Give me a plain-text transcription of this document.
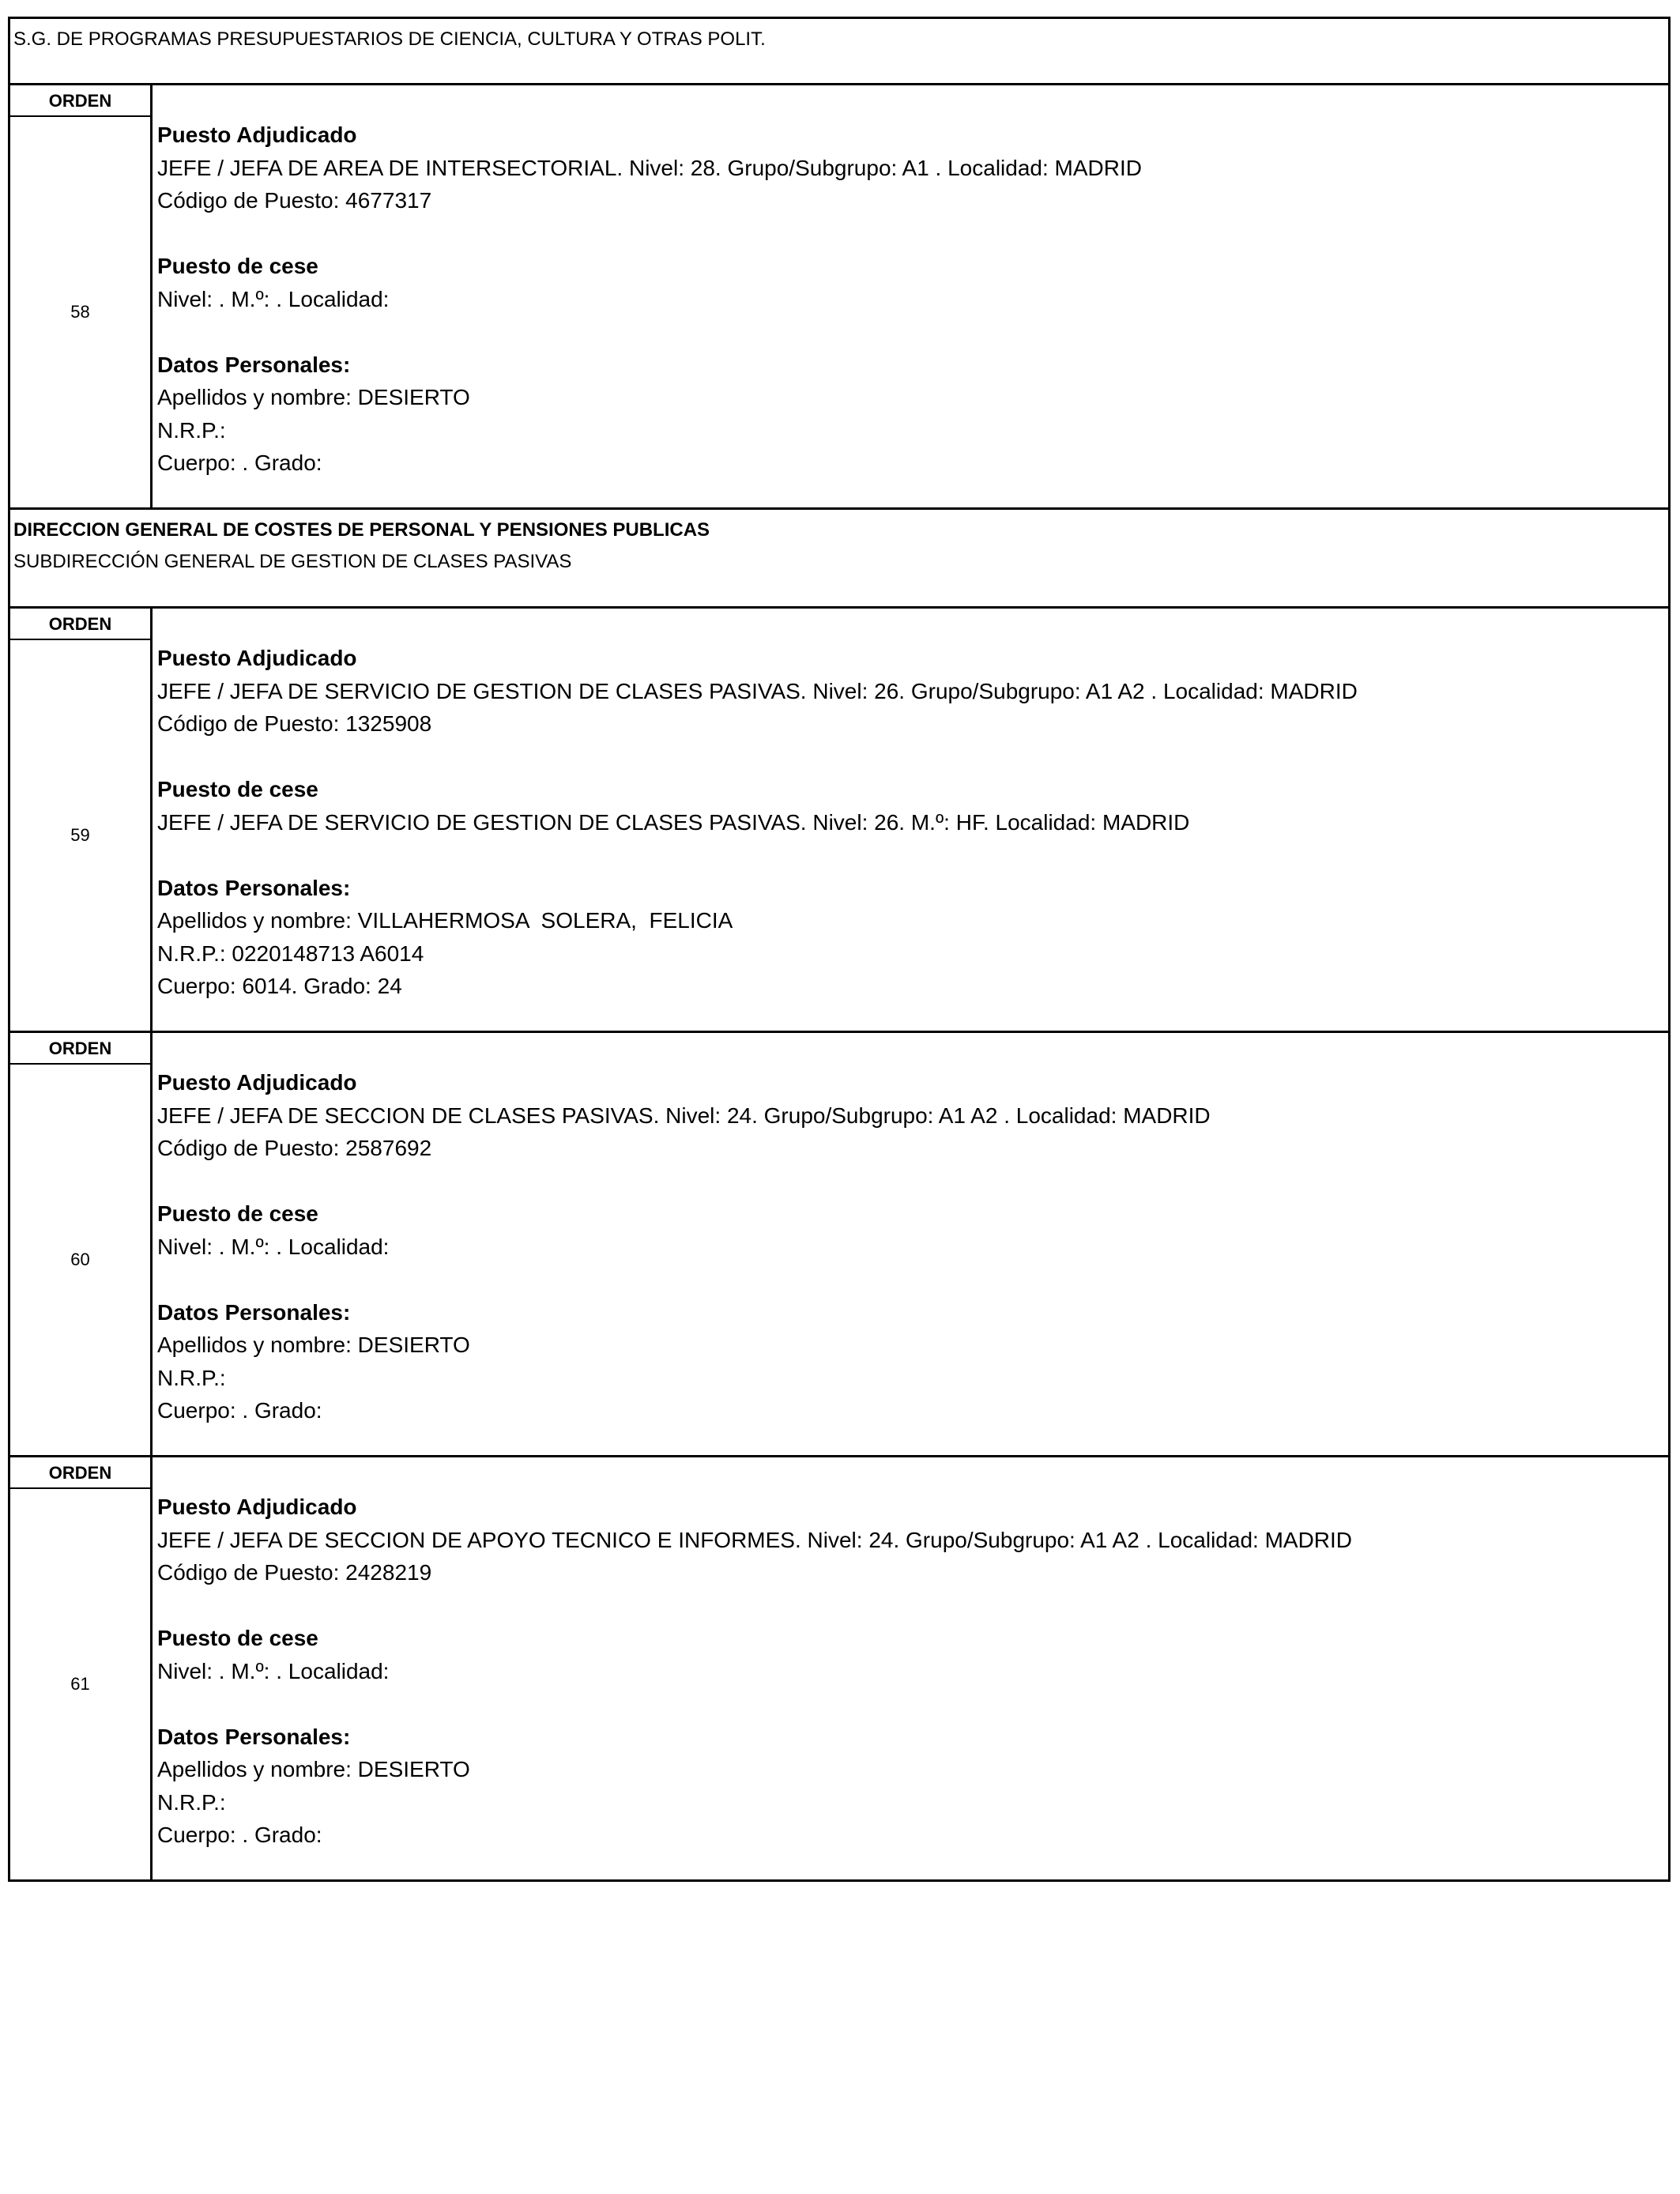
S.G. DE PROGRAMAS PRESUPUESTARIOS DE CIENCIA, CULTURA Y OTRAS POLIT.
ORDEN
58
Puesto Adjudicado
JEFE / JEFA DE AREA DE INTERSECTORIAL. Nivel: 28. Grupo/Subgrupo: A1 . Localidad: MADRID
Código de Puesto: 4677317
Puesto de cese
Nivel: . M.º: . Localidad:
Datos Personales:
Apellidos y nombre: DESIERTO
N.R.P.:
Cuerpo: . Grado:
DIRECCION GENERAL DE COSTES DE PERSONAL Y PENSIONES PUBLICAS
SUBDIRECCIÓN GENERAL DE GESTION DE CLASES PASIVAS
ORDEN
59
Puesto Adjudicado
JEFE / JEFA DE SERVICIO DE GESTION DE CLASES PASIVAS. Nivel: 26. Grupo/Subgrupo: A1 A2 . Localidad: MADRID
Código de Puesto: 1325908
Puesto de cese
JEFE / JEFA DE SERVICIO DE GESTION DE CLASES PASIVAS. Nivel: 26. M.º: HF. Localidad: MADRID
Datos Personales:
Apellidos y nombre: VILLAHERMOSA  SOLERA,  FELICIA
N.R.P.: 0220148713 A6014
Cuerpo: 6014. Grado: 24
ORDEN
60
Puesto Adjudicado
JEFE / JEFA DE SECCION DE CLASES PASIVAS. Nivel: 24. Grupo/Subgrupo: A1 A2 . Localidad: MADRID
Código de Puesto: 2587692
Puesto de cese
Nivel: . M.º: . Localidad:
Datos Personales:
Apellidos y nombre: DESIERTO
N.R.P.:
Cuerpo: . Grado:
ORDEN
61
Puesto Adjudicado
JEFE / JEFA DE SECCION DE APOYO TECNICO E INFORMES. Nivel: 24. Grupo/Subgrupo: A1 A2 . Localidad: MADRID
Código de Puesto: 2428219
Puesto de cese
Nivel: . M.º: . Localidad:
Datos Personales:
Apellidos y nombre: DESIERTO
N.R.P.:
Cuerpo: . Grado:
